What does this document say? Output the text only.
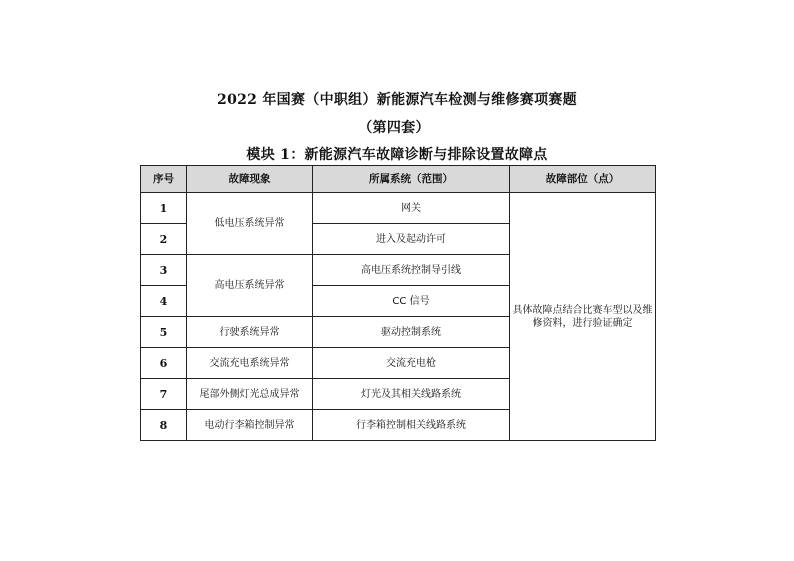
2022 年国赛（中职组）新能源汽车检测与维修赛项赛题
（第四套）
模块 1：新能源汽车故障诊断与排除设置故障点
序号	故障现象	所属系统（范围）	故障部位（点）
1	低电压系统异常	网关	具体故障点结合比赛车型以及维修资料，进行验证确定
2		进入及起动许可	
3	高电压系统异常	高电压系统控制导引线	
4		CC 信号	
5	行驶系统异常	驱动控制系统	
6	交流充电系统异常	交流充电枪	
7	尾部外侧灯光总成异常	灯光及其相关线路系统	
8	电动行李箱控制异常	行李箱控制相关线路系统	
